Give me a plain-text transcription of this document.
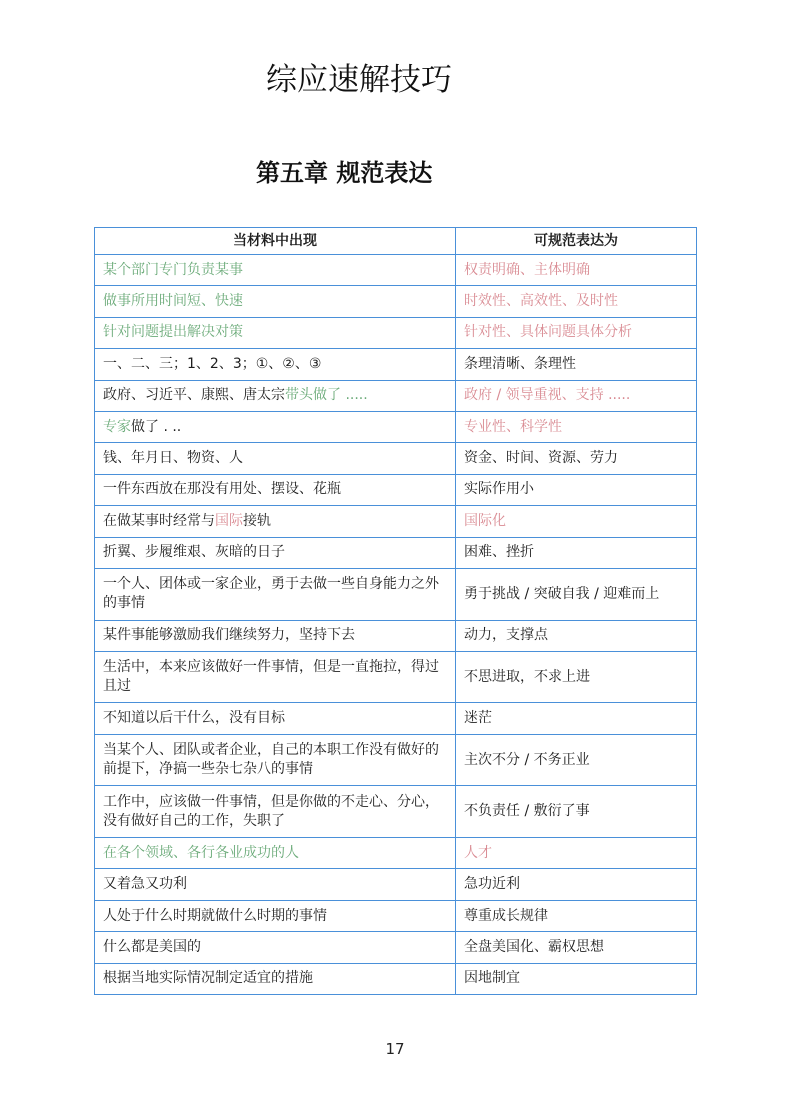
综应速解技巧
第五章 规范表达
当材料中出现	可规范表达为
某个部门专门负责某事	权责明确、主体明确
做事所用时间短、快速	时效性、高效性、及时性
针对问题提出解决对策	针对性、具体问题具体分析
一、二、三；1、2、3；①、②、③	条理清晰、条理性
政府、习近平、康熙、唐太宗带头做了 .....	政府 / 领导重视、支持 .....
专家做了 . ..	专业性、科学性
钱、年月日、物资、人	资金、时间、资源、劳力
一件东西放在那没有用处、摆设、花瓶	实际作用小
在做某事时经常与国际接轨	国际化
折翼、步履维艰、灰暗的日子	困难、挫折
一个人、团体或一家企业，勇于去做一些自身能力之外的事情	勇于挑战 / 突破自我 / 迎难而上
某件事能够激励我们继续努力，坚持下去	动力，支撑点
生活中，本来应该做好一件事情，但是一直拖拉，得过且过	不思进取，不求上进
不知道以后干什么，没有目标	迷茫
当某个人、团队或者企业，自己的本职工作没有做好的前提下，净搞一些杂七杂八的事情	主次不分 / 不务正业
工作中，应该做一件事情，但是你做的不走心、分心，没有做好自己的工作，失职了	不负责任 / 敷衍了事
在各个领域、各行各业成功的人	人才
又着急又功利	急功近利
人处于什么时期就做什么时期的事情	尊重成长规律
什么都是美国的	全盘美国化、霸权思想
根据当地实际情况制定适宜的措施	因地制宜
17
